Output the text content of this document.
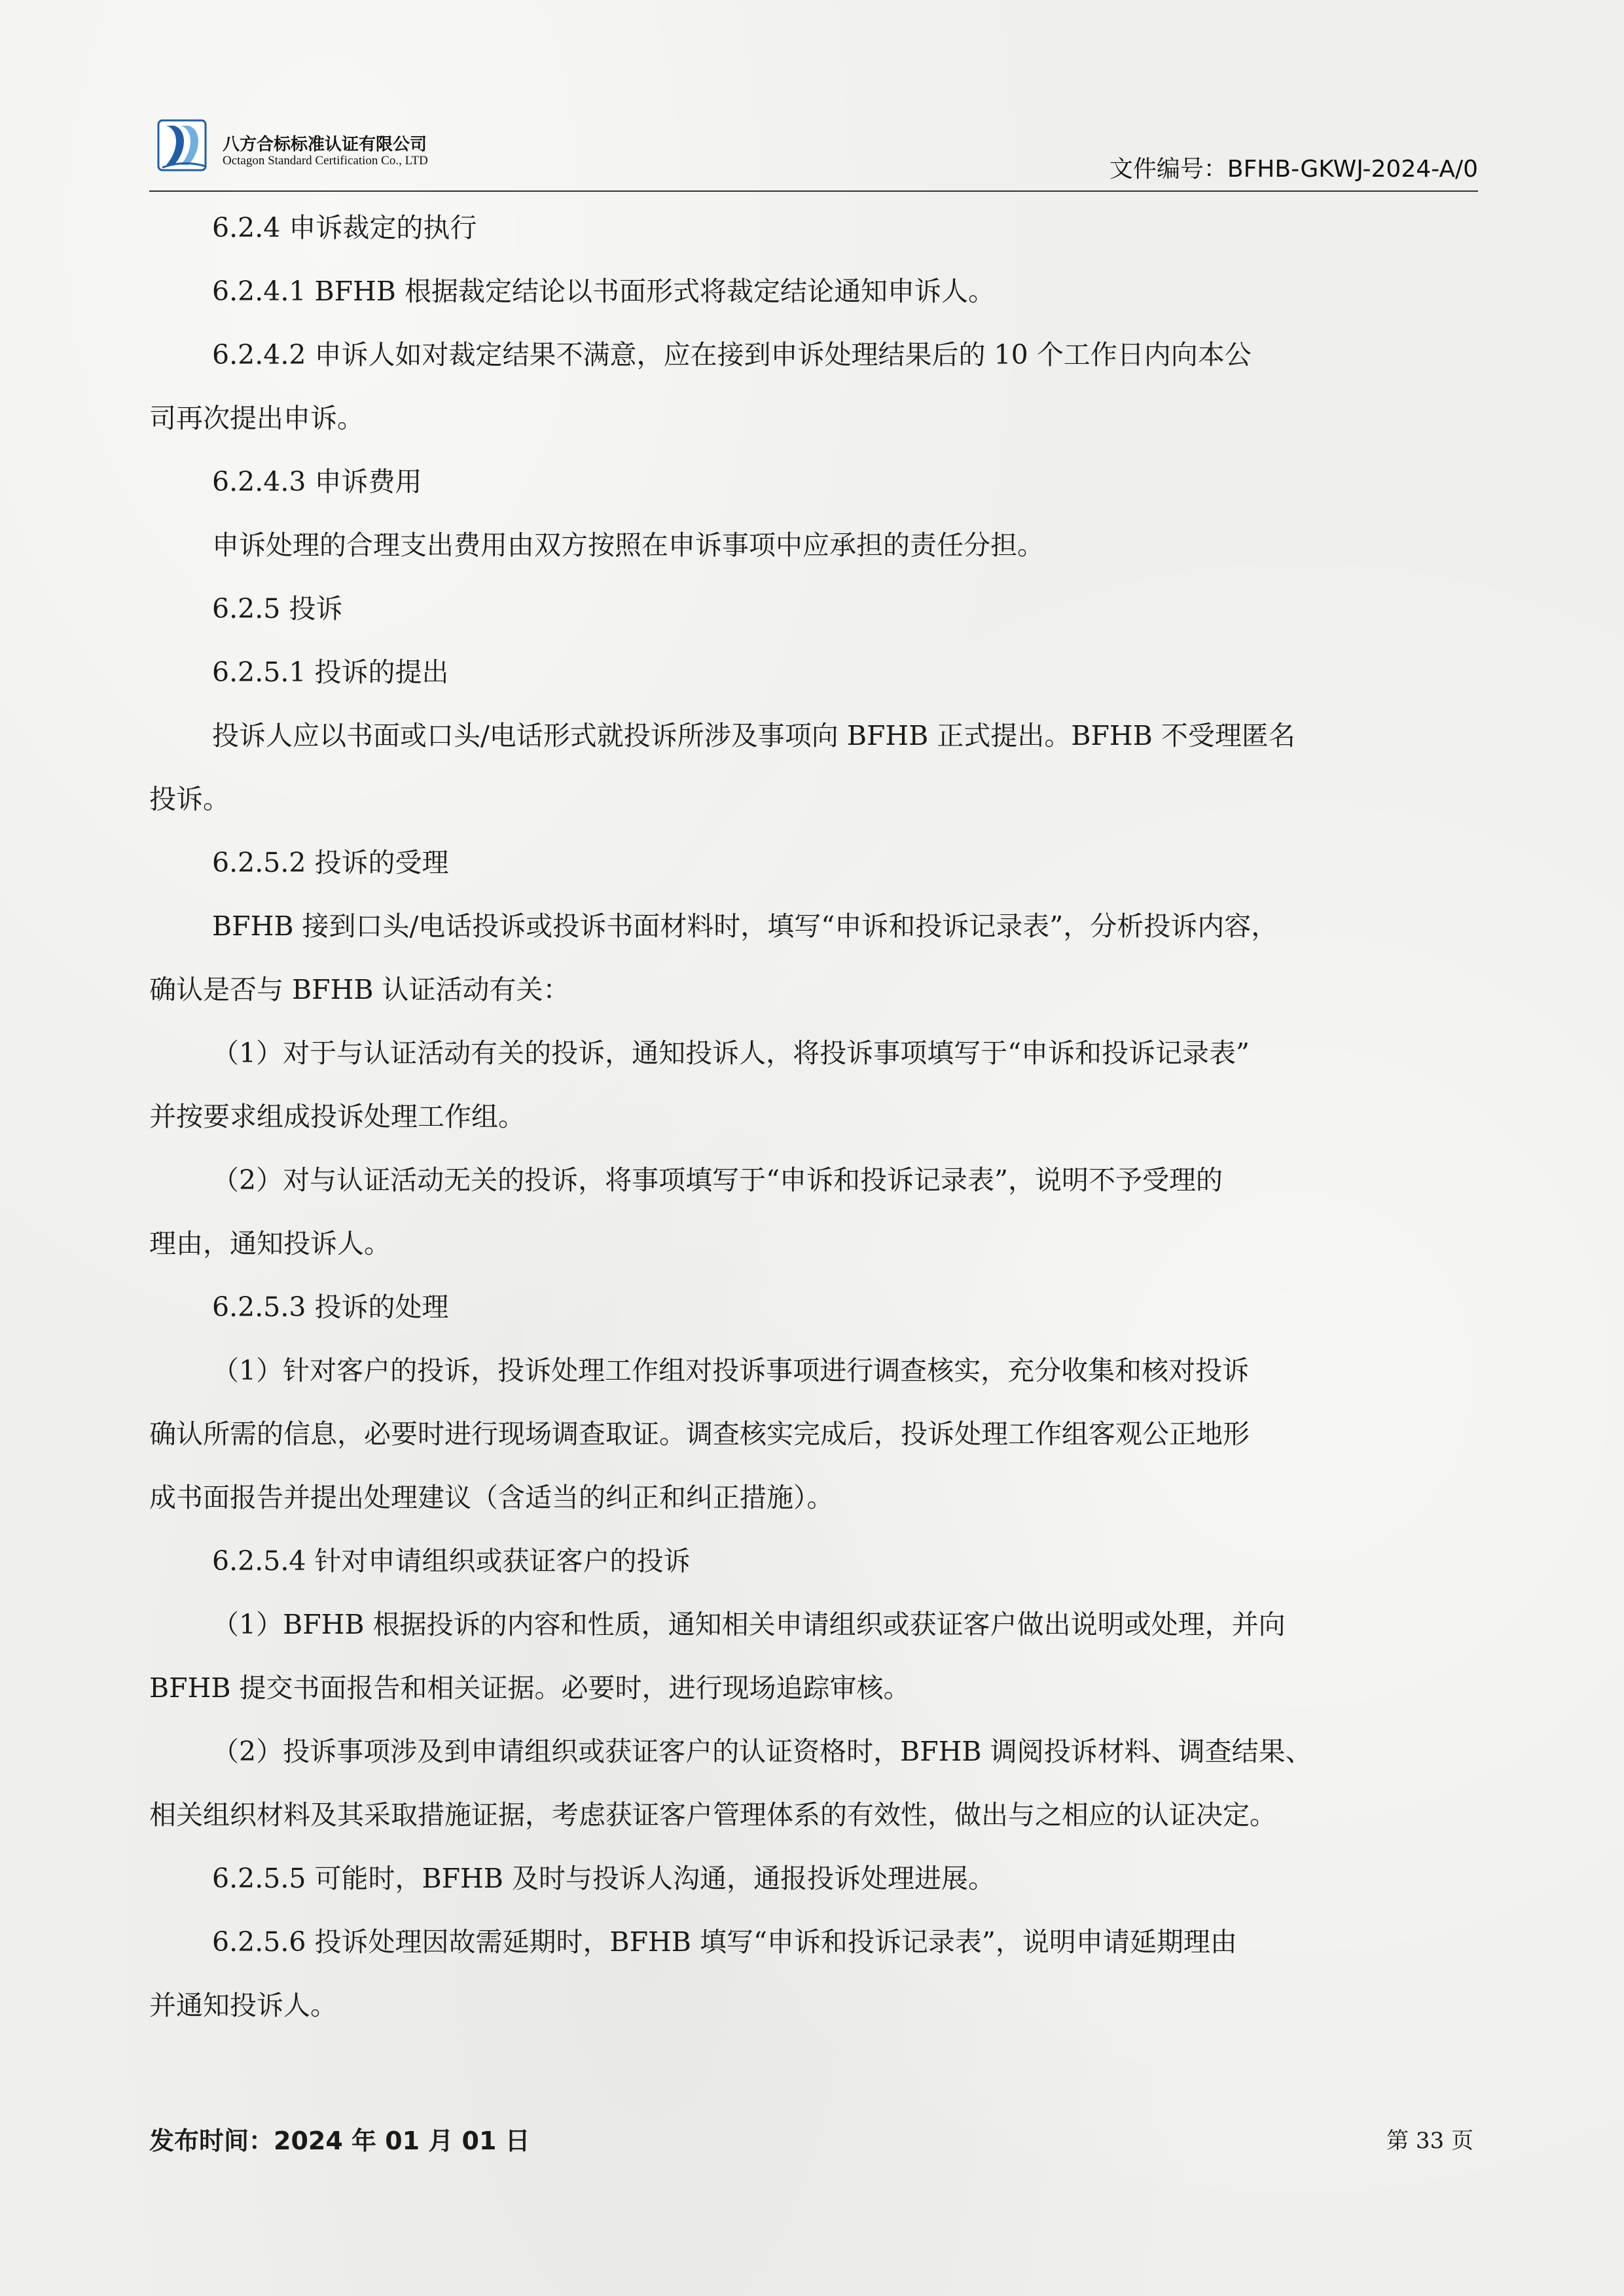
八方合标标准认证有限公司
Octagon Standard Certification Co., LTD	文件编号：BFHB-GKWJ-2024-A/0

6.2.4 申诉裁定的执行

6.2.4.1 BFHB 根据裁定结论以书面形式将裁定结论通知申诉人。

6.2.4.2 申诉人如对裁定结果不满意，应在接到申诉处理结果后的 10 个工作日内向本公

司再次提出申诉。

6.2.4.3 申诉费用

申诉处理的合理支出费用由双方按照在申诉事项中应承担的责任分担。

6.2.5 投诉

6.2.5.1 投诉的提出

投诉人应以书面或口头/电话形式就投诉所涉及事项向 BFHB 正式提出。BFHB 不受理匿名

投诉。

6.2.5.2 投诉的受理

BFHB 接到口头/电话投诉或投诉书面材料时，填写“申诉和投诉记录表”，分析投诉内容，

确认是否与 BFHB 认证活动有关：

（1）对于与认证活动有关的投诉，通知投诉人，将投诉事项填写于“申诉和投诉记录表”

并按要求组成投诉处理工作组。

（2）对与认证活动无关的投诉，将事项填写于“申诉和投诉记录表”，说明不予受理的

理由，通知投诉人。

6.2.5.3 投诉的处理

（1）针对客户的投诉，投诉处理工作组对投诉事项进行调查核实，充分收集和核对投诉

确认所需的信息，必要时进行现场调查取证。调查核实完成后，投诉处理工作组客观公正地形

成书面报告并提出处理建议（含适当的纠正和纠正措施）。

6.2.5.4 针对申请组织或获证客户的投诉

（1）BFHB 根据投诉的内容和性质，通知相关申请组织或获证客户做出说明或处理，并向

BFHB 提交书面报告和相关证据。必要时，进行现场追踪审核。

（2）投诉事项涉及到申请组织或获证客户的认证资格时，BFHB 调阅投诉材料、调查结果、

相关组织材料及其采取措施证据，考虑获证客户管理体系的有效性，做出与之相应的认证决定。

6.2.5.5 可能时，BFHB 及时与投诉人沟通，通报投诉处理进展。

6.2.5.6 投诉处理因故需延期时，BFHB 填写“申诉和投诉记录表”，说明申请延期理由

并通知投诉人。

发布时间：2024 年 01 月 01 日	第 33 页
